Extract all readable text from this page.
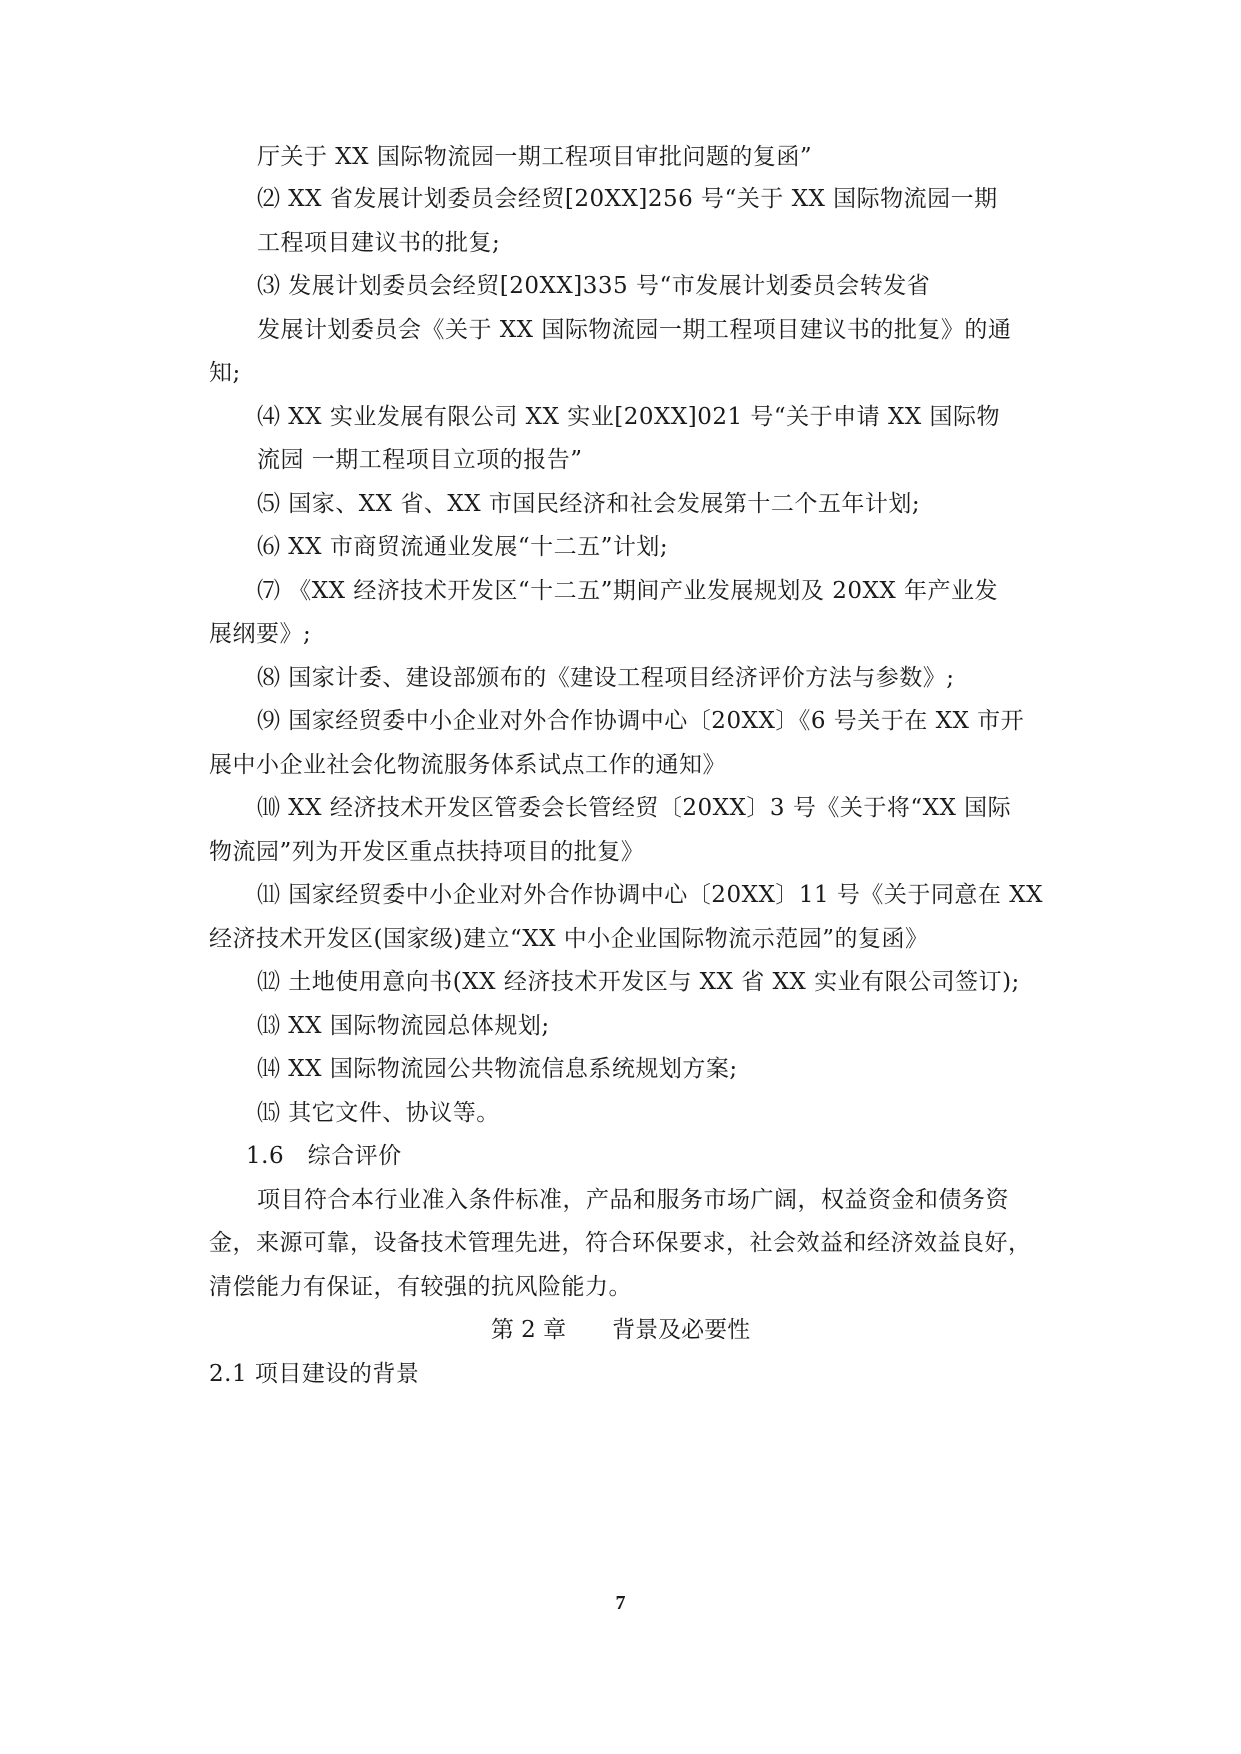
厅关于 XX 国际物流园一期工程项目审批问题的复函”
⑵ XX 省发展计划委员会经贸[20XX]256 号“关于 XX 国际物流园一期
工程项目建议书的批复;
⑶ 发展计划委员会经贸[20XX]335 号“市发展计划委员会转发省
发展计划委员会《关于 XX 国际物流园一期工程项目建议书的批复》的通
知;
⑷ XX 实业发展有限公司 XX 实业[20XX]021 号“关于申请 XX 国际物
流园 一期工程项目立项的报告”
⑸ 国家、XX 省、XX 市国民经济和社会发展第十二个五年计划;
⑹ XX 市商贸流通业发展“十二五”计划;
⑺ 《XX 经济技术开发区“十二五”期间产业发展规划及 20XX 年产业发
展纲要》;
⑻ 国家计委、建设部颁布的《建设工程项目经济评价方法与参数》;
⑼ 国家经贸委中小企业对外合作协调中心〔20XX〕《6 号关于在 XX 市开
展中小企业社会化物流服务体系试点工作的通知》
⑽ XX 经济技术开发区管委会长管经贸〔20XX〕3 号《关于将“XX 国际
物流园”列为开发区重点扶持项目的批复》
⑾ 国家经贸委中小企业对外合作协调中心〔20XX〕11 号《关于同意在 XX
经济技术开发区(国家级)建立“XX 中小企业国际物流示范园”的复函》
⑿ 土地使用意向书(XX 经济技术开发区与 XX 省 XX 实业有限公司签订);
⒀ XX 国际物流园总体规划;
⒁ XX 国际物流园公共物流信息系统规划方案;
⒂ 其它文件、协议等。
1.6　综合评价
项目符合本行业准入条件标准，产品和服务市场广阔，权益资金和债务资
金，来源可靠，设备技术管理先进，符合环保要求，社会效益和经济效益良好，
清偿能力有保证，有较强的抗风险能力。
第 2 章　　背景及必要性
2.1 项目建设的背景
7
